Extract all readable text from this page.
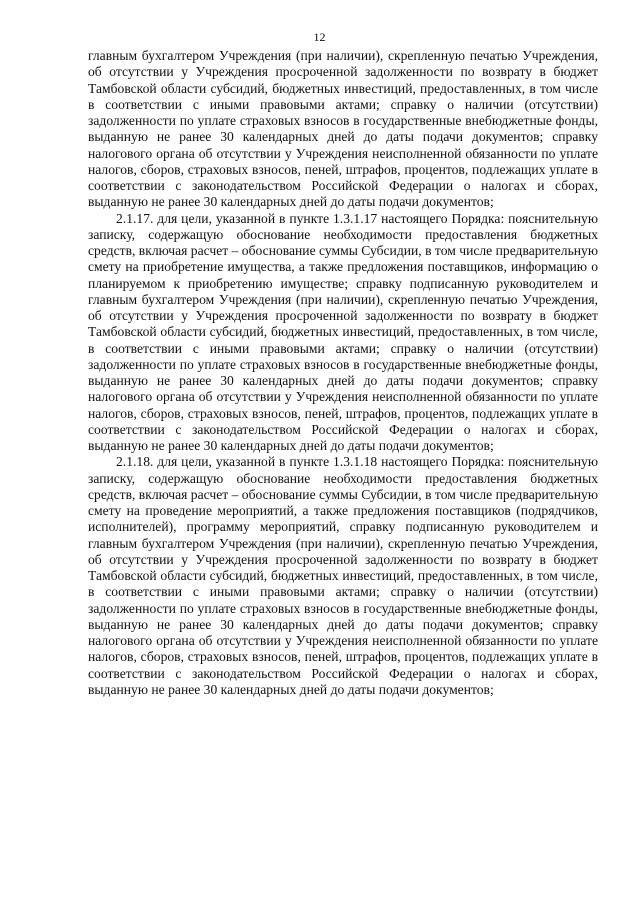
12

главным бухгалтером Учреждения (при наличии), скрепленную печатью Учреждения, об отсутствии у Учреждения просроченной задолженности по возврату в бюджет Тамбовской области субсидий, бюджетных инвестиций, предоставленных, в том числе в соответствии с иными правовыми актами; справку о наличии (отсутствии) задолженности по уплате страховых взносов в государственные внебюджетные фонды, выданную не ранее 30 календарных дней до даты подачи документов; справку налогового органа об отсутствии у Учреждения неисполненной обязанности по уплате налогов, сборов, страховых взносов, пеней, штрафов, процентов, подлежащих уплате в соответствии с законодательством Российской Федерации о налогах и сборах, выданную не ранее 30 календарных дней до даты подачи документов;

2.1.17. для цели, указанной в пункте 1.3.1.17 настоящего Порядка: пояснительную записку, содержащую обоснование необходимости предоставления бюджетных средств, включая расчет – обоснование суммы Субсидии, в том числе предварительную смету на приобретение имущества, а также предложения поставщиков, информацию о планируемом к приобретению имуществе; справку подписанную руководителем и главным бухгалтером Учреждения (при наличии), скрепленную печатью Учреждения, об отсутствии у Учреждения просроченной задолженности по возврату в бюджет Тамбовской области субсидий, бюджетных инвестиций, предоставленных, в том числе, в соответствии с иными правовыми актами; справку о наличии (отсутствии) задолженности по уплате страховых взносов в государственные внебюджетные фонды, выданную не ранее 30 календарных дней до даты подачи документов; справку налогового органа об отсутствии у Учреждения неисполненной обязанности по уплате налогов, сборов, страховых взносов, пеней, штрафов, процентов, подлежащих уплате в соответствии с законодательством Российской Федерации о налогах и сборах, выданную не ранее 30 календарных дней до даты подачи документов;

2.1.18. для цели, указанной в пункте 1.3.1.18 настоящего Порядка: пояснительную записку, содержащую обоснование необходимости предоставления бюджетных средств, включая расчет – обоснование суммы Субсидии, в том числе предварительную смету на проведение мероприятий, а также предложения поставщиков (подрядчиков, исполнителей), программу мероприятий, справку подписанную руководителем и главным бухгалтером Учреждения (при наличии), скрепленную печатью Учреждения, об отсутствии у Учреждения просроченной задолженности по возврату в бюджет Тамбовской области субсидий, бюджетных инвестиций, предоставленных, в том числе, в соответствии с иными правовыми актами; справку о наличии (отсутствии) задолженности по уплате страховых взносов в государственные внебюджетные фонды, выданную не ранее 30 календарных дней до даты подачи документов; справку налогового органа об отсутствии у Учреждения неисполненной обязанности по уплате налогов, сборов, страховых взносов, пеней, штрафов, процентов, подлежащих уплате в соответствии с законодательством Российской Федерации о налогах и сборах, выданную не ранее 30 календарных дней до даты подачи документов;
